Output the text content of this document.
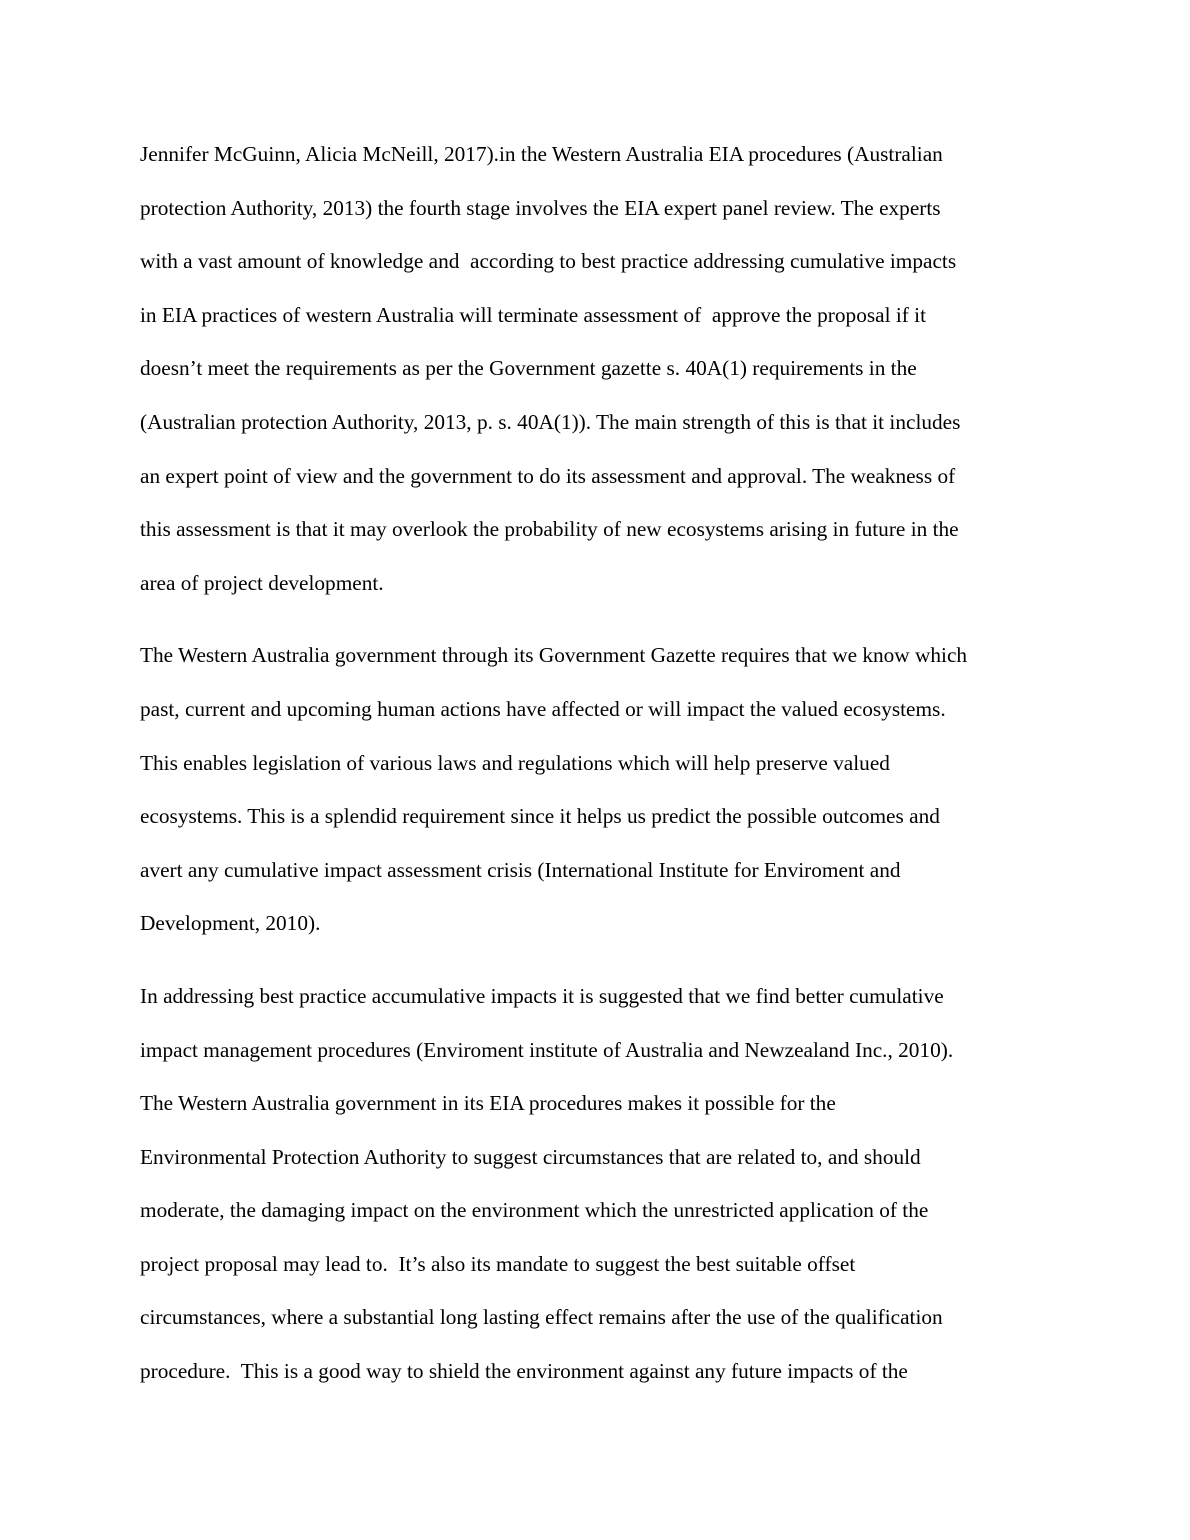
Jennifer McGuinn, Alicia McNeill, 2017).in the Western Australia EIA procedures (Australian
protection Authority, 2013) the fourth stage involves the EIA expert panel review. The experts
with a vast amount of knowledge and  according to best practice addressing cumulative impacts
in EIA practices of western Australia will terminate assessment of  approve the proposal if it
doesn’t meet the requirements as per the Government gazette s. 40A(1) requirements in the
(Australian protection Authority, 2013, p. s. 40A(1)). The main strength of this is that it includes
an expert point of view and the government to do its assessment and approval. The weakness of
this assessment is that it may overlook the probability of new ecosystems arising in future in the
area of project development.
The Western Australia government through its Government Gazette requires that we know which
past, current and upcoming human actions have affected or will impact the valued ecosystems.
This enables legislation of various laws and regulations which will help preserve valued
ecosystems. This is a splendid requirement since it helps us predict the possible outcomes and
avert any cumulative impact assessment crisis (International Institute for Enviroment and
Development, 2010).
In addressing best practice accumulative impacts it is suggested that we find better cumulative
impact management procedures (Enviroment institute of Australia and Newzealand Inc., 2010).
The Western Australia government in its EIA procedures makes it possible for the
Environmental Protection Authority to suggest circumstances that are related to, and should
moderate, the damaging impact on the environment which the unrestricted application of the
project proposal may lead to.  It’s also its mandate to suggest the best suitable offset
circumstances, where a substantial long lasting effect remains after the use of the qualification
procedure.  This is a good way to shield the environment against any future impacts of the
